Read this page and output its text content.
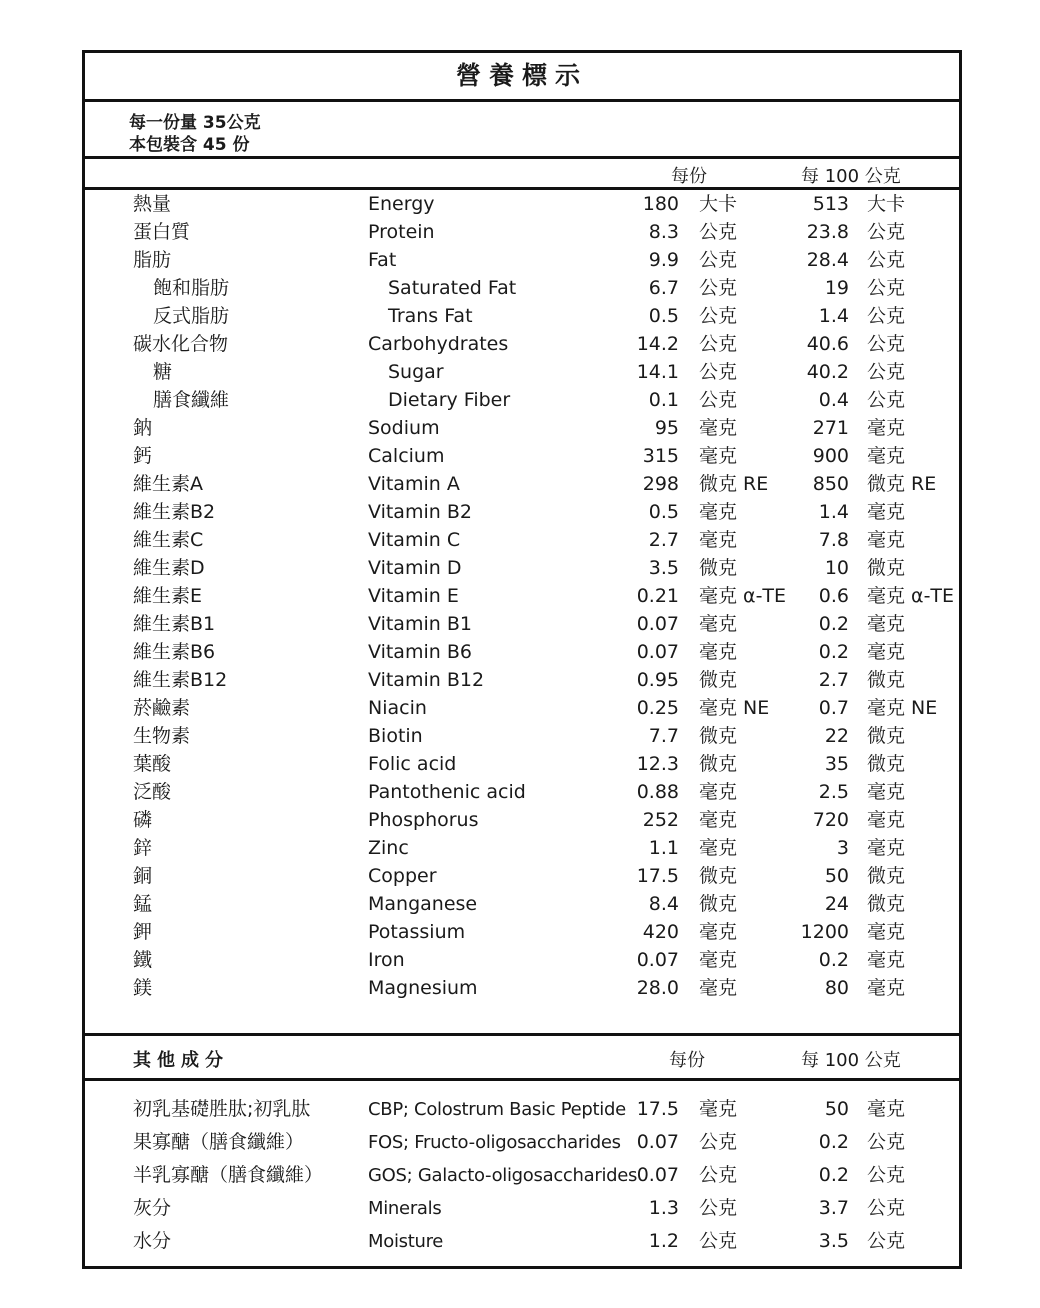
營養標示
每一份量 35公克
本包裝含 45 份
每份	每 100 公克
熱量	Energy	180 大卡	513 大卡
蛋白質	Protein	8.3 公克	23.8 公克
脂肪	Fat	9.9 公克	28.4 公克
飽和脂肪	Saturated Fat	6.7 公克	19 公克
反式脂肪	Trans Fat	0.5 公克	1.4 公克
碳水化合物	Carbohydrates	14.2 公克	40.6 公克
糖	Sugar	14.1 公克	40.2 公克
膳食纖維	Dietary Fiber	0.1 公克	0.4 公克
鈉	Sodium	95 毫克	271 毫克
鈣	Calcium	315 毫克	900 毫克
維生素A	Vitamin A	298 微克 RE 850 微克 RE
維生素B2	Vitamin B2	0.5 毫克	1.4 毫克
維生素C	Vitamin C	2.7 毫克	7.8 毫克
維生素D	Vitamin D	3.5 微克	10 微克
維生素E	Vitamin E	0.21 毫克 α-TE 0.6 毫克 α-TE
維生素B1	Vitamin B1	0.07 毫克	0.2 毫克
維生素B6	Vitamin B6	0.07 毫克	0.2 毫克
維生素B12	Vitamin B12	0.95 微克	2.7 微克
菸鹼素	Niacin	0.25 毫克 NE	0.7 毫克 NE
生物素	Biotin	7.7 微克	22 微克
葉酸	Folic acid	12.3 微克	35 微克
泛酸	Pantothenic acid	0.88 毫克	2.5 毫克
磷	Phosphorus	252 毫克	720 毫克
鋅	Zinc	1.1 毫克	3 毫克
銅	Copper	17.5 微克	50 微克
錳	Manganese	8.4 微克	24 微克
鉀	Potassium	420 毫克	1200 毫克
鐵	Iron	0.07 毫克	0.2 毫克
鎂	Magnesium	28.0 毫克	80 毫克
其他成分	每份	每 100 公克
初乳基礎胜肽;初乳肽	CBP; Colostrum Basic Peptide 17.5 毫克	50 毫克
果寡醣（膳食纖維）	FOS; Fructo-oligosaccharides 0.07 公克	0.2 公克
半乳寡醣（膳食纖維） GOS; Galacto-oligosaccharides 0.07 公克	0.2 公克
灰分	Minerals	1.3 公克	3.7 公克
水分	Moisture	1.2 公克	3.5 公克
